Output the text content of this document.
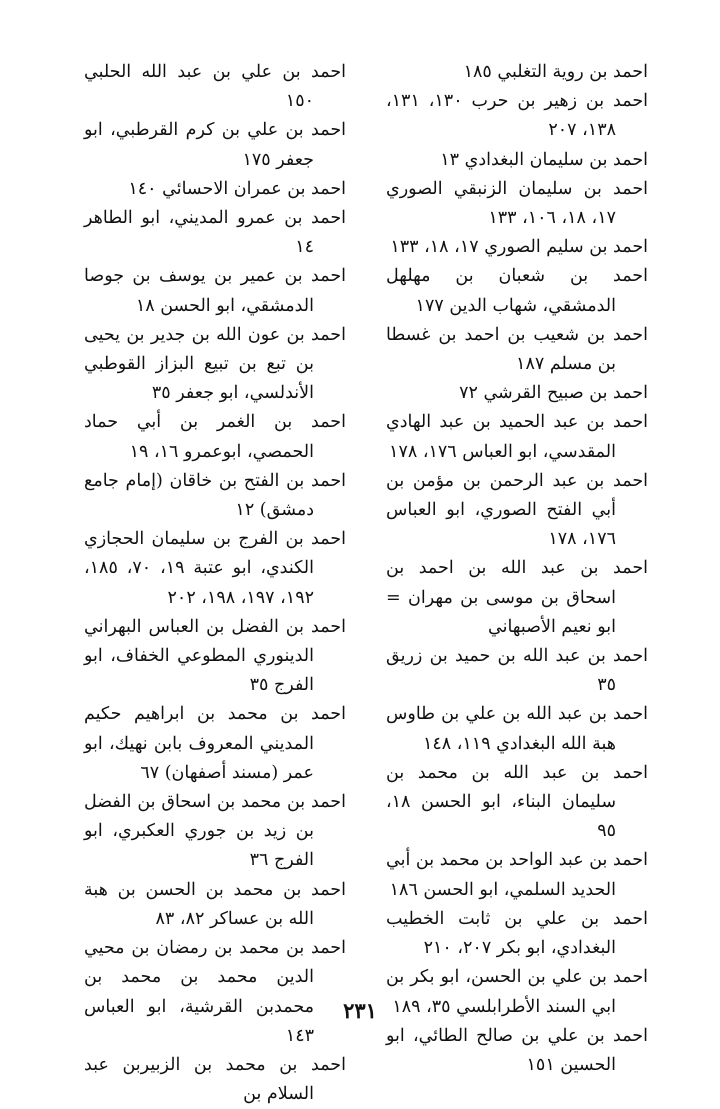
احمد بن روية التغلبي ١٨٥

احمد بن زهير بن حرب ١٣٠، ١٣١، ١٣٨، ٢٠٧

احمد بن سليمان البغدادي ١٣

احمد بن سليمان الزنبقي الصوري ١٧، ١٨، ١٠٦، ١٣٣

احمد بن سليم الصوري ١٧، ١٨، ١٣٣

احمد بن شعبان بن مهلهل الدمشقي، شهاب الدين ١٧٧

احمد بن شعيب بن احمد بن غسطا بن مسلم ١٨٧

احمد بن صبيح القرشي ٧٢

احمد بن عبد الحميد بن عبد الهادي المقدسي، ابو العباس ١٧٦، ١٧٨

احمد بن عبد الرحمن بن مؤمن بن أبي الفتح الصوري، ابو العباس ١٧٦، ١٧٨

احمد بن عبد الله بن احمد بن اسحاق بن موسى بن مهران = ابو نعيم الأصبهاني

احمد بن عبد الله بن حميد بن زريق ٣٥

احمد بن عبد الله بن علي بن طاوس هبة الله البغدادي ١١٩، ١٤٨

احمد بن عبد الله بن محمد بن سليمان البناء، ابو الحسن ١٨، ٩٥

احمد بن عبد الواحد بن محمد بن أبي الحديد السلمي، ابو الحسن ١٨٦

احمد بن علي بن ثابت الخطيب البغدادي، ابو بكر ٢٠٧، ٢١٠

احمد بن علي بن الحسن، ابو بكر بن ابي السند الأطرابلسي ٣٥، ١٨٩

احمد بن علي بن صالح الطائي، ابو الحسين ١٥١

احمد بن علي بن عبد الله الحلبي ١٥٠

احمد بن علي بن كرم القرطبي، ابو جعفر ١٧٥

احمد بن عمران الاحسائي ١٤٠

احمد بن عمرو المديني، ابو الطاهر ١٤

احمد بن عمير بن يوسف بن جوصا الدمشقي، ابو الحسن ١٨

احمد بن عون الله بن جدير بن يحيى بن تبع بن تبيع البزاز القوطبي الأندلسي، ابو جعفر ٣٥

احمد بن الغمر بن أبي حماد الحمصي، ابوعمرو ١٦، ١٩

احمد بن الفتح بن خاقان (إمام جامع دمشق) ١٢

احمد بن الفرج بن سليمان الحجازي الكندي، ابو عتبة ١٩، ٧٠، ١٨٥، ١٩٢، ١٩٧، ١٩٨، ٢٠٢

احمد بن الفضل بن العباس البهراني الدينوري المطوعي الخفاف، ابو الفرج ٣٥

احمد بن محمد بن ابراهيم حكيم المديني المعروف بابن نهيك، ابو عمر (مسند أصفهان) ٦٧

احمد بن محمد بن اسحاق بن الفضل بن زيد بن جوري العكبري، ابو الفرج ٣٦

احمد بن محمد بن الحسن بن هبة الله بن عساكر ٨٢، ٨٣

احمد بن محمد بن رمضان بن محيي الدين محمد بن محمد بن محمدبن القرشية، ابو العباس ١٤٣

احمد بن محمد بن الزبيربن عبد السلام بن

٢٣١
